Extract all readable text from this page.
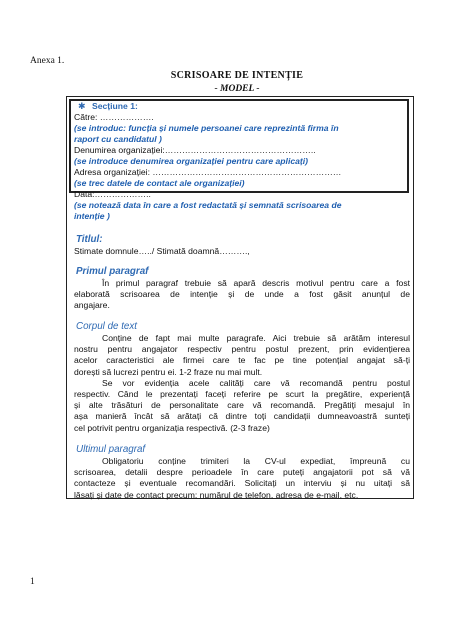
Anexa 1.
SCRISOARE DE INTENȚIE
- MODEL -
✱ Secțiune 1:
Către: ……………….
(se introduc: funcția și numele persoanei care reprezintă firma în
raport cu candidatul )
Denumirea organizației:……………………………………………..
(se introduce denumirea organizației pentru care aplicați)
Adresa organizației: …………………………………………………………
(se trec datele de contact ale organizației)
Data:………………..
(se notează data în care a fost redactată și semnată scrisoarea de
intenție )
Titlul:
Stimate domnule…../ Stimată doamnă……….,
Primul paragraf
În primul paragraf trebuie să apară descris motivul pentru care a fost
elaborată scrisoarea de intenție și de unde a fost găsit anunțul de
angajare.
Corpul de text
Conține de fapt mai multe paragrafe. Aici trebuie să arătăm interesul
nostru pentru angajator respectiv pentru postul prezent, prin evidențierea
acelor caracteristici ale firmei care te fac pe tine potențial angajat să-ți
dorești să lucrezi pentru ei. 1-2 fraze nu mai mult.
Se vor evidenția acele calități care vă recomandă pentru postul
respectiv. Când le prezentați faceți referire pe scurt la pregătire, experiență
și alte trăsături de personalitate care vă recomandă. Pregătiți mesajul în
așa manieră încât să arătați că dintre toți candidații dumneavoastră sunteți
cel potrivit pentru organizația respectivă. (2-3 fraze)
Ultimul paragraf
Obligatoriu conține trimiteri la CV-ul expediat, împreună cu
scrisoarea, detalii despre perioadele în care puteți angajatorii pot să vă
contacteze și eventuale recomandări. Solicitați un interviu și nu uitați să
lăsați și date de contact precum: numărul de telefon, adresa de e-mail, etc.
1
